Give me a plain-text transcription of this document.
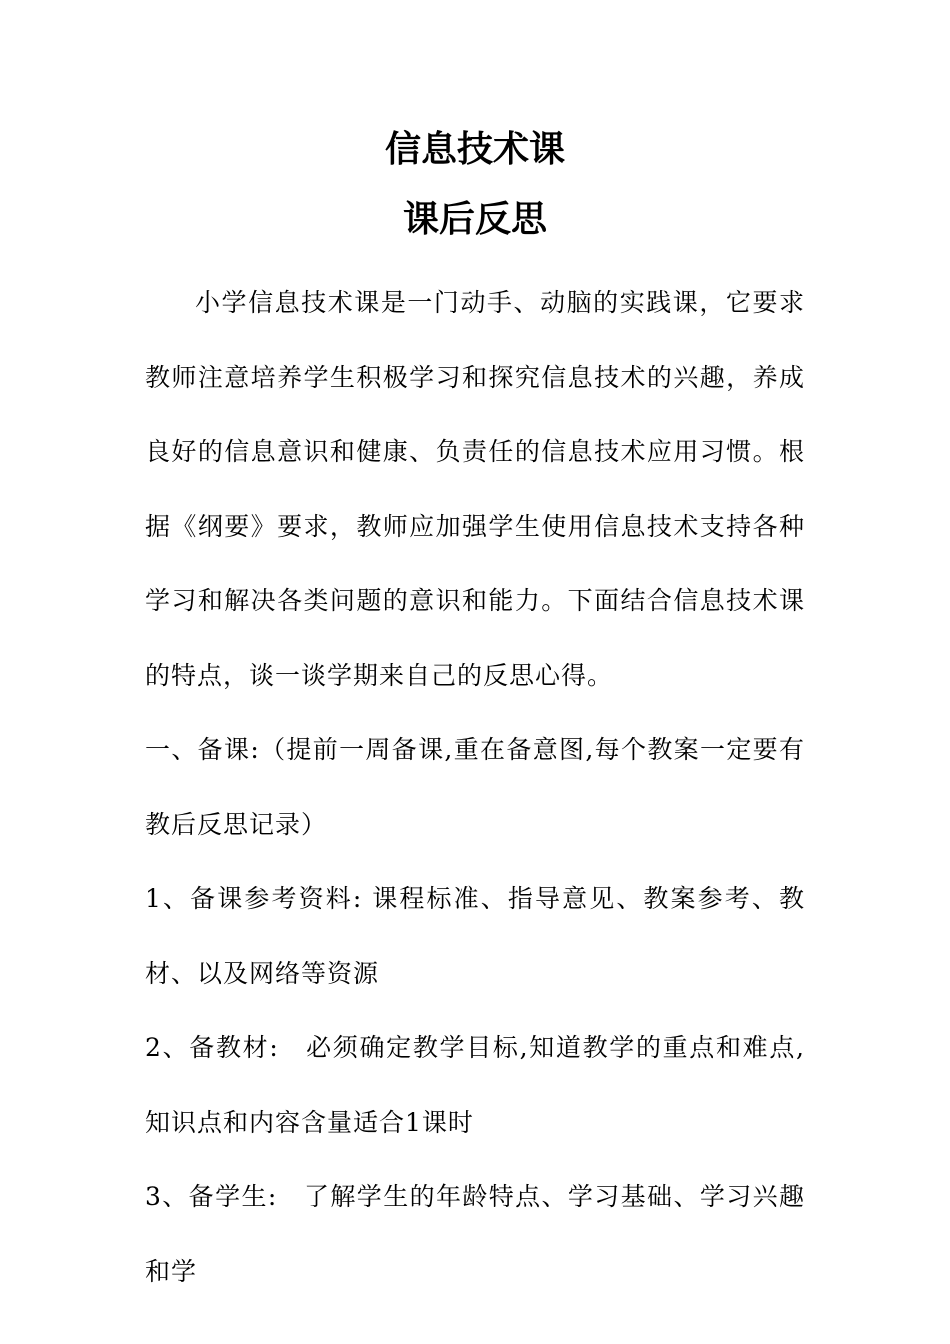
信息技术课
课后反思

小学信息技术课是一门动手、动脑的实践课，它要求教师注意培养学生积极学习和探究信息技术的兴趣，养成良好的信息意识和健康、负责任的信息技术应用习惯。根据《纲要》要求，教师应加强学生使用信息技术支持各种学习和解决各类问题的意识和能力。下面结合信息技术课的特点，谈一谈学期来自己的反思心得。

一、备课:（提前一周备课,重在备意图,每个教案一定要有教后反思记录）

1、备课参考资料: 课程标准、指导意见、教案参考、教材、以及网络等资源

2、备教材:　必须确定教学目标,知道教学的重点和难点,知识点和内容含量适合1课时

3、备学生:　了解学生的年龄特点、学习基础、学习兴趣和学
